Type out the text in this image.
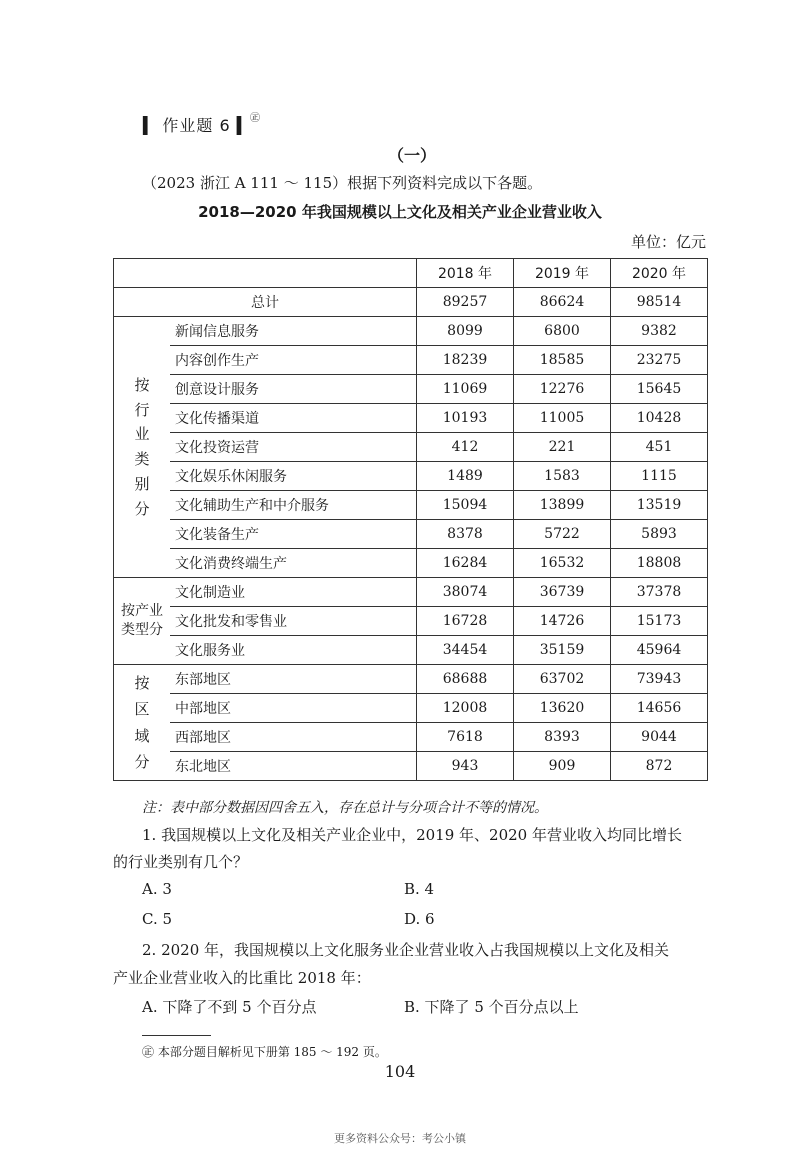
▍ 作业题 6 ▍ ㊣
（一）
（2023 浙江 A 111 ～ 115）根据下列资料完成以下各题。
2018—2020 年我国规模以上文化及相关产业企业营业收入
单位：亿元
		2018 年	2019 年	2020 年
总计		89257	86624	98514
按行业类别分	新闻信息服务	8099	6800	9382
	内容创作生产	18239	18585	23275
	创意设计服务	11069	12276	15645
	文化传播渠道	10193	11005	10428
	文化投资运营	412	221	451
	文化娱乐休闲服务	1489	1583	1115
	文化辅助生产和中介服务	15094	13899	13519
	文化装备生产	8378	5722	5893
	文化消费终端生产	16284	16532	18808
按产业类型分	文化制造业	38074	36739	37378
	文化批发和零售业	16728	14726	15173
	文化服务业	34454	35159	45964
按区域分	东部地区	68688	63702	73943
	中部地区	12008	13620	14656
	西部地区	7618	8393	9044
	东北地区	943	909	872
注：表中部分数据因四舍五入，存在总计与分项合计不等的情况。
1. 我国规模以上文化及相关产业企业中，2019 年、2020 年营业收入均同比增长
的行业类别有几个？
A. 3	B. 4
C. 5	D. 6
2. 2020 年，我国规模以上文化服务业企业营业收入占我国规模以上文化及相关
产业企业营业收入的比重比 2018 年：
A. 下降了不到 5 个百分点	B. 下降了 5 个百分点以上
㊣ 本部分题目解析见下册第 185 ～ 192 页。
104
更多资料公众号：考公小镇
